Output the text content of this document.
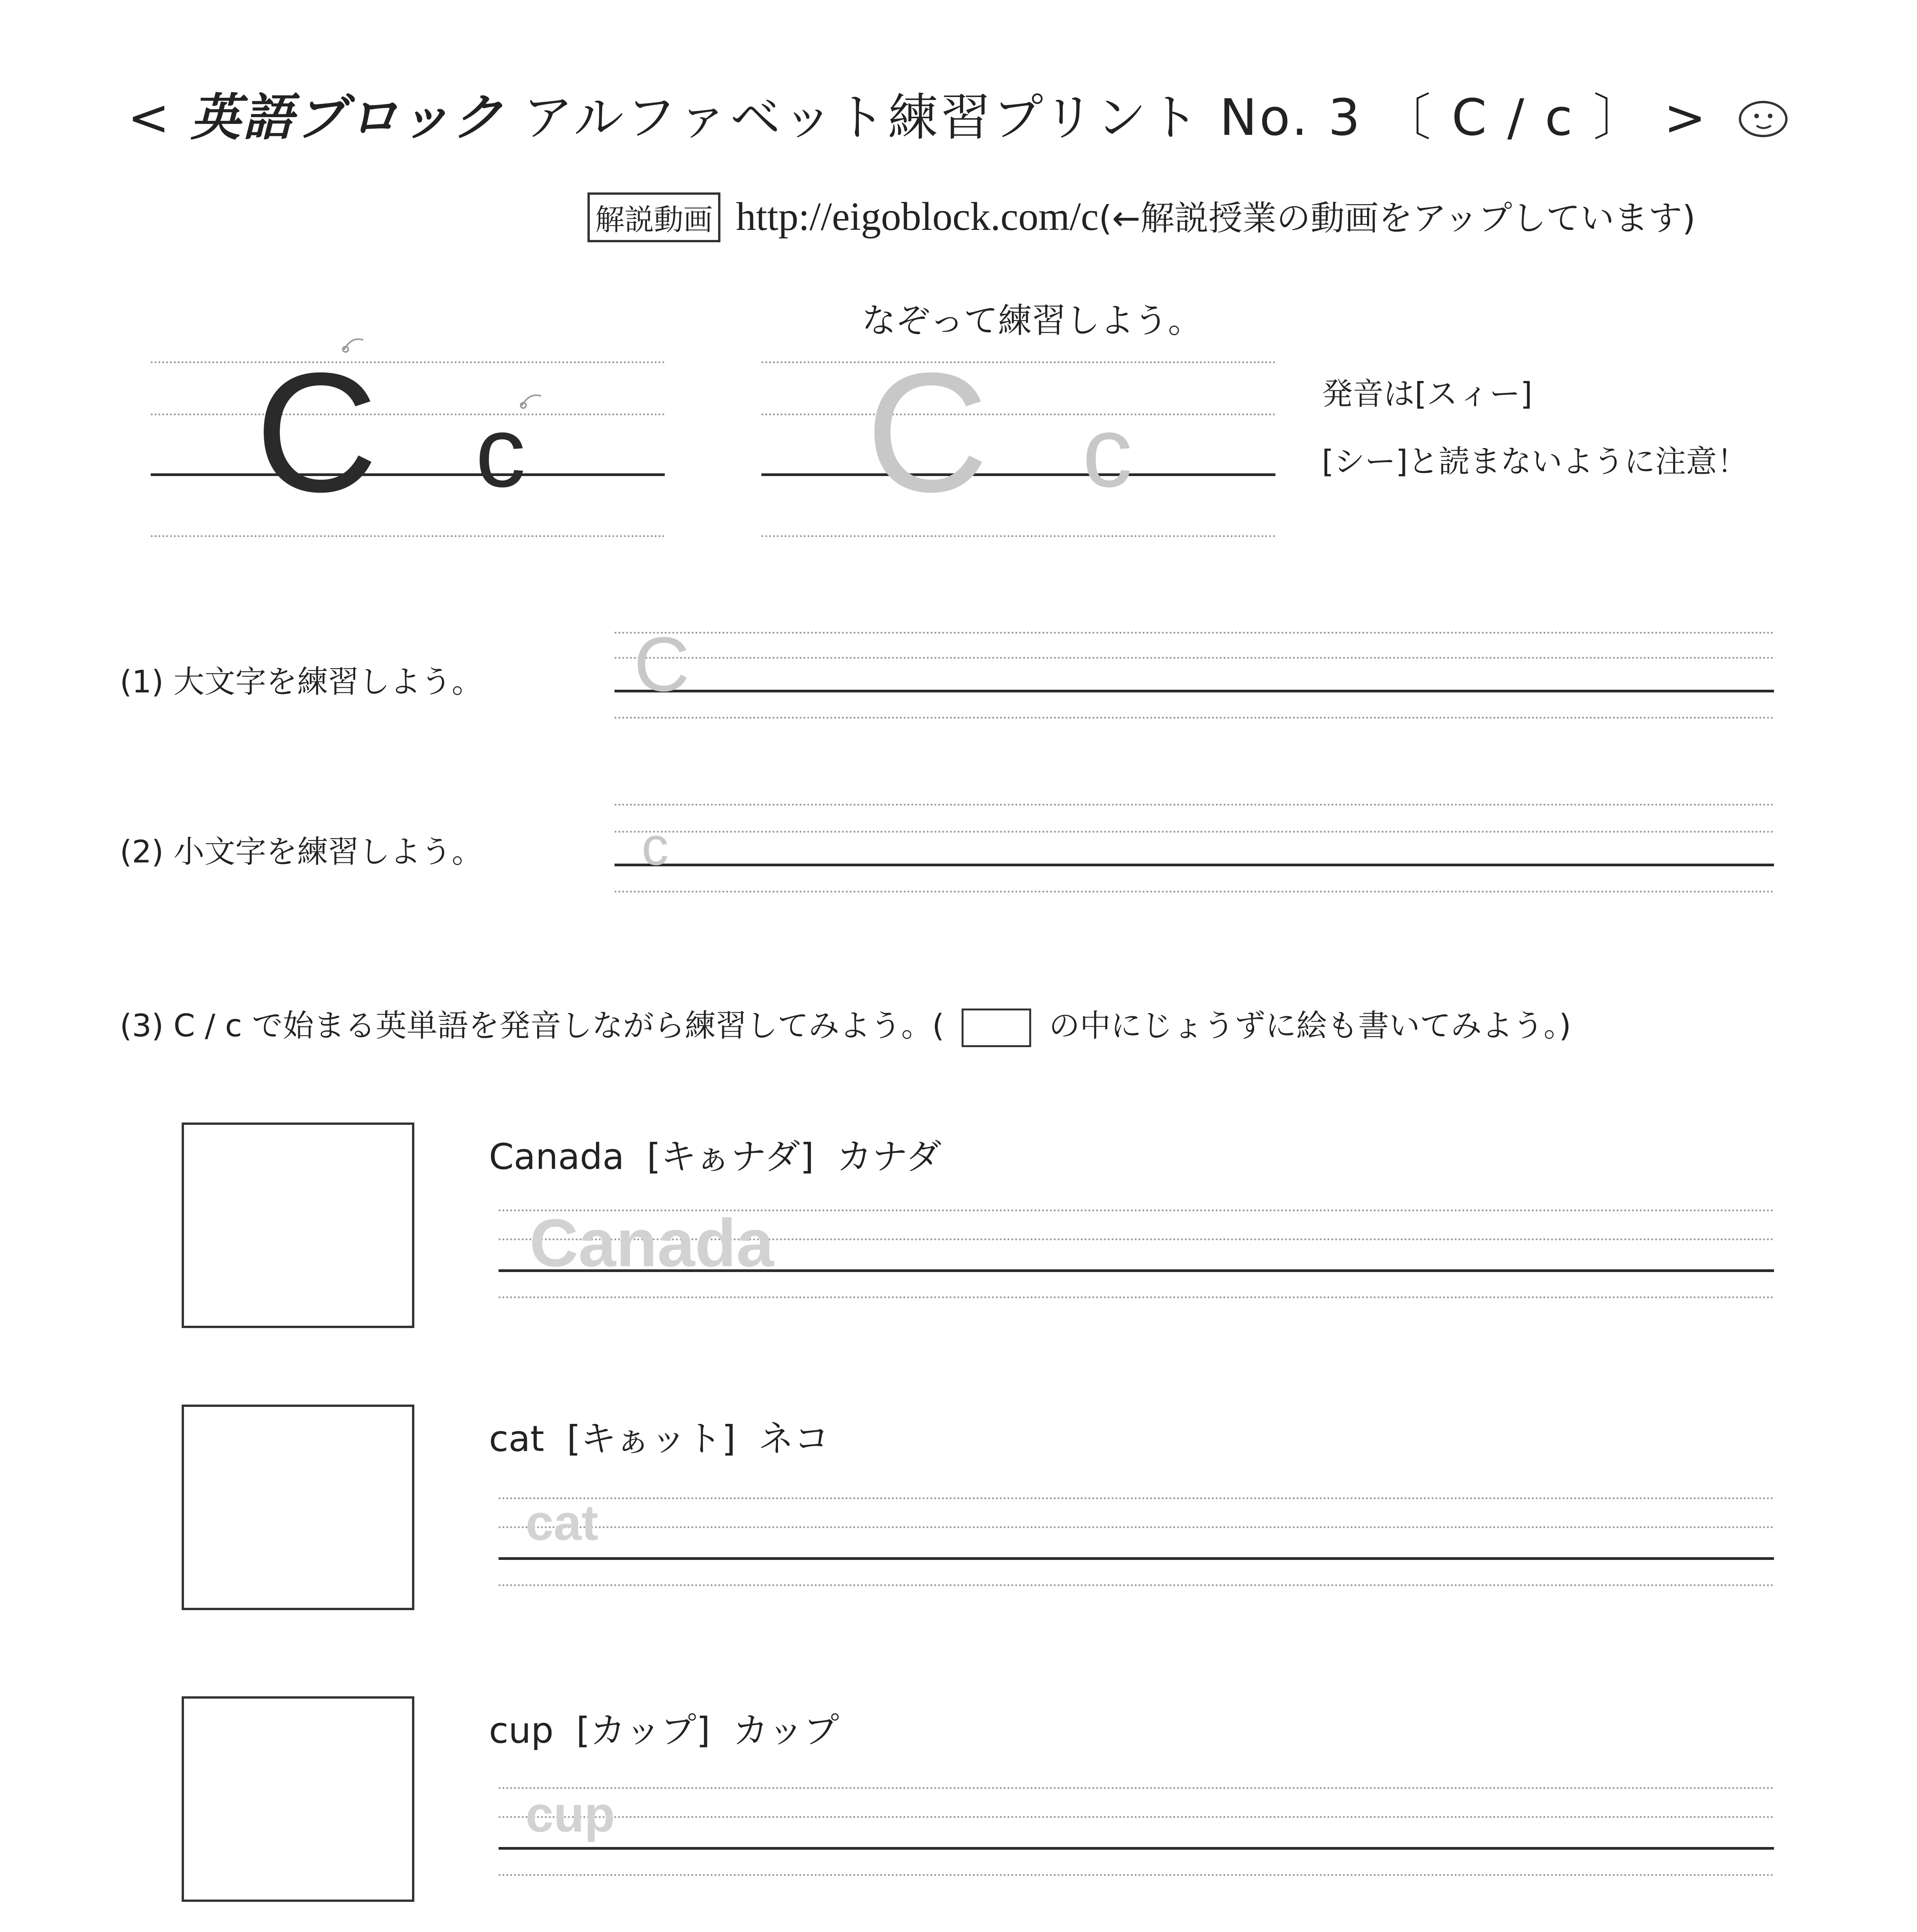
< 英語ブロック アルファベット練習プリント No. 3 〔 C / c 〕 >
解説動画 http://eigoblock.com/c(←解説授業の動画をアップしています)
なぞって練習しよう。
C c C c
発音は[スィー]
[シー]と読まないように注意！
(1) 大文字を練習しよう。 C
(2) 小文字を練習しよう。	c
(3) C / c で始まる英単語を発音しながら練習してみよう。(	の中にじょうずに絵も書いてみよう。)
Canada [キぁナダ] カナダ
Canada
cat [キぁット] ネコ
cat
cup [カップ] カップ
cup
